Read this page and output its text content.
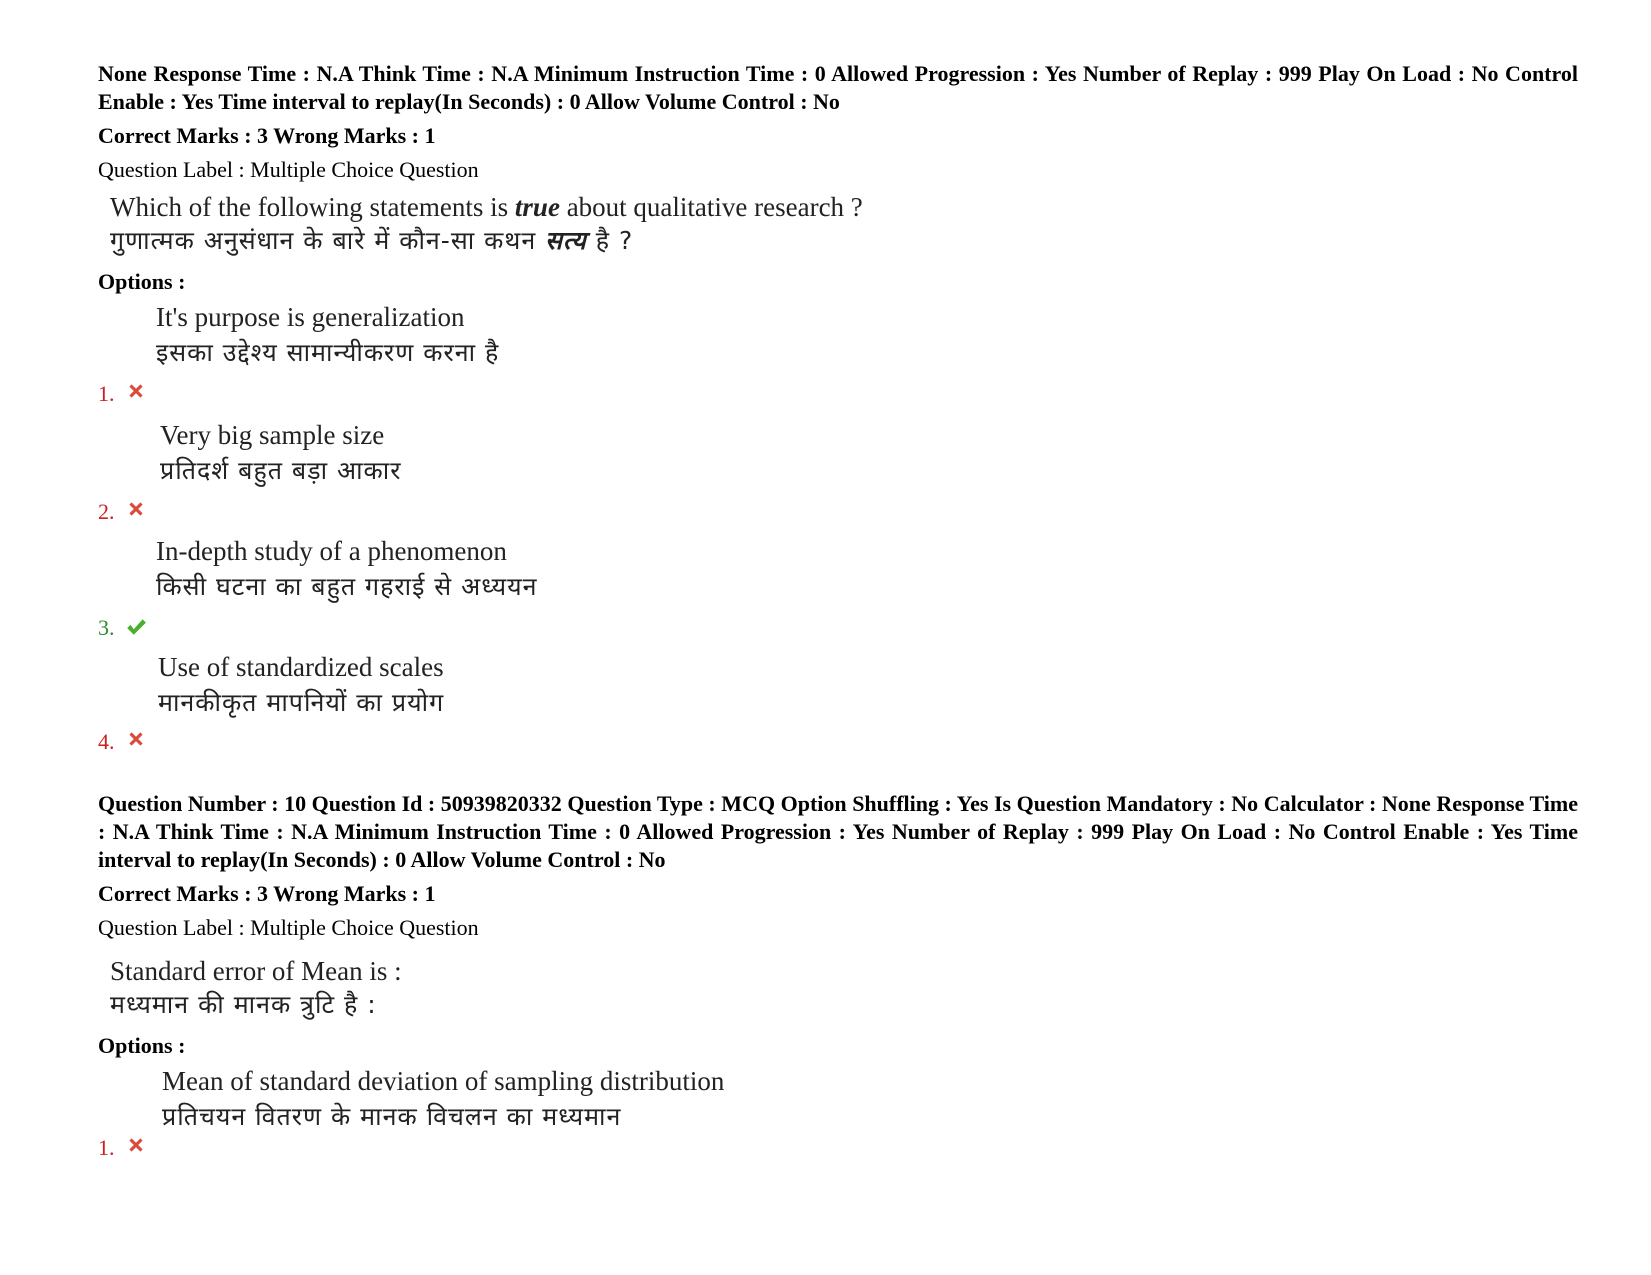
None Response Time : N.A Think Time : N.A Minimum Instruction Time : 0 Allowed Progression : Yes Number of Replay : 999 Play On Load : No Control Enable : Yes Time interval to replay(In Seconds) : 0 Allow Volume Control : No

Correct Marks : 3 Wrong Marks : 1
Question Label : Multiple Choice Question
Which of the following statements is true about qualitative research ?
गुणात्मक अनुसंधान के बारे में कौन-सा कथन सत्य है ?
Options :
1.
It's purpose is generalization
इसका उद्देश्य सामान्यीकरण करना है
2.
Very big sample size
प्रतिदर्श बहुत बड़ा आकार
3.
In-depth study of a phenomenon
किसी घटना का बहुत गहराई से अध्ययन
4.
Use of standardized scales
मानकीकृत मापनियों का प्रयोग

Question Number : 10 Question Id : 50939820332 Question Type : MCQ Option Shuffling : Yes Is Question Mandatory : No Calculator : None Response Time : N.A Think Time : N.A Minimum Instruction Time : 0 Allowed Progression : Yes Number of Replay : 999 Play On Load : No Control Enable : Yes Time interval to replay(In Seconds) : 0 Allow Volume Control : No

Correct Marks : 3 Wrong Marks : 1
Question Label : Multiple Choice Question
Standard error of Mean is :
मध्यमान की मानक त्रुटि है :
Options :
1.
Mean of standard deviation of sampling distribution
प्रतिचयन वितरण के मानक विचलन का मध्यमान
